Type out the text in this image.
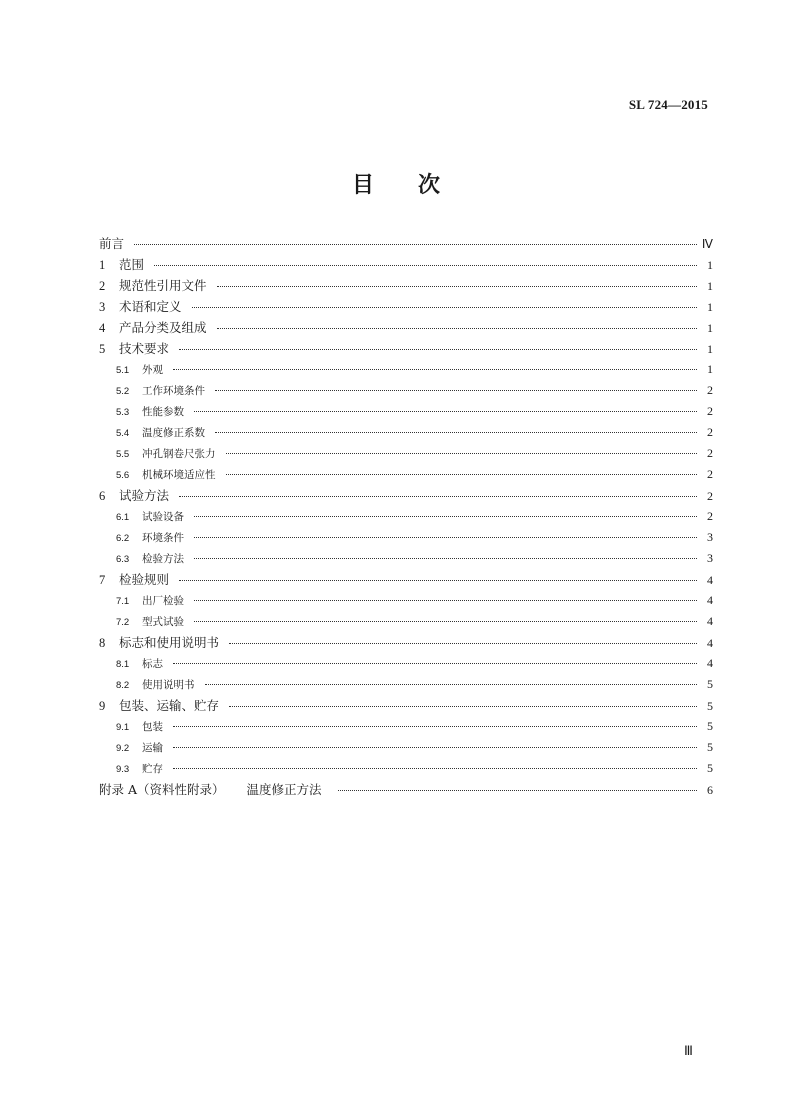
SL 724—2015
目 次
前言	Ⅳ
1	范围	1
2	规范性引用文件	1
3	术语和定义	1
4	产品分类及组成	1
5	技术要求	1
5.1	外观	1
5.2	工作环境条件	2
5.3	性能参数	2
5.4	温度修正系数	2
5.5	冲孔钢卷尺张力	2
5.6	机械环境适应性	2
6	试验方法	2
6.1	试验设备	2
6.2	环境条件	3
6.3	检验方法	3
7	检验规则	4
7.1	出厂检验	4
7.2	型式试验	4
8	标志和使用说明书	4
8.1	标志	4
8.2	使用说明书	5
9	包装、运输、贮存	5
9.1	包装	5
9.2	运输	5
9.3	贮存	5
附录 A（资料性附录） 温度修正方法	6
Ⅲ
